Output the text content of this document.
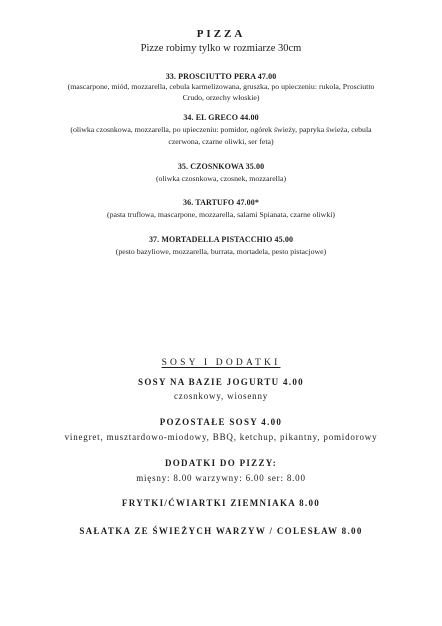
PIZZA
Pizze robimy tylko w rozmiarze 30cm
33. PROSCIUTTO PERA 47.00
(mascarpone, miód, mozzarella, cebula karmelizowana, gruszka, po upieczeniu: rukola, Prosciutto
Crudo, orzechy włoskie)
34. EL GRECO 44.00
(oliwka czosnkowa, mozzarella, po upieczeniu: pomidor, ogórek świeży, papryka świeża, cebula
czerwona, czarne oliwki, ser feta)
35. CZOSNKOWA 35.00
(oliwka czosnkowa, czosnek, mozzarella)
36. TARTUFO 47.00*
(pasta truflowa, mascarpone, mozzarella, salami Spianata, czarne oliwki)
37. MORTADELLA PISTACCHIO 45.00
(pesto bazyliowe, mozzarella, burrata, mortadela, pesto pistacjowe)
SOSY I DODATKI
SOSY NA BAZIE JOGURTU 4.00
czosnkowy, wiosenny
POZOSTAŁE SOSY 4.00
vinegret, musztardowo-miodowy, BBQ, ketchup, pikantny, pomidorowy
DODATKI DO PIZZY:
mięsny: 8.00 warzywny: 6.00 ser: 8.00
FRYTKI/ĆWIARTKI ZIEMNIAKA 8.00
SAŁATKA ZE ŚWIEŻYCH WARZYW / COLESŁAW 8.00
